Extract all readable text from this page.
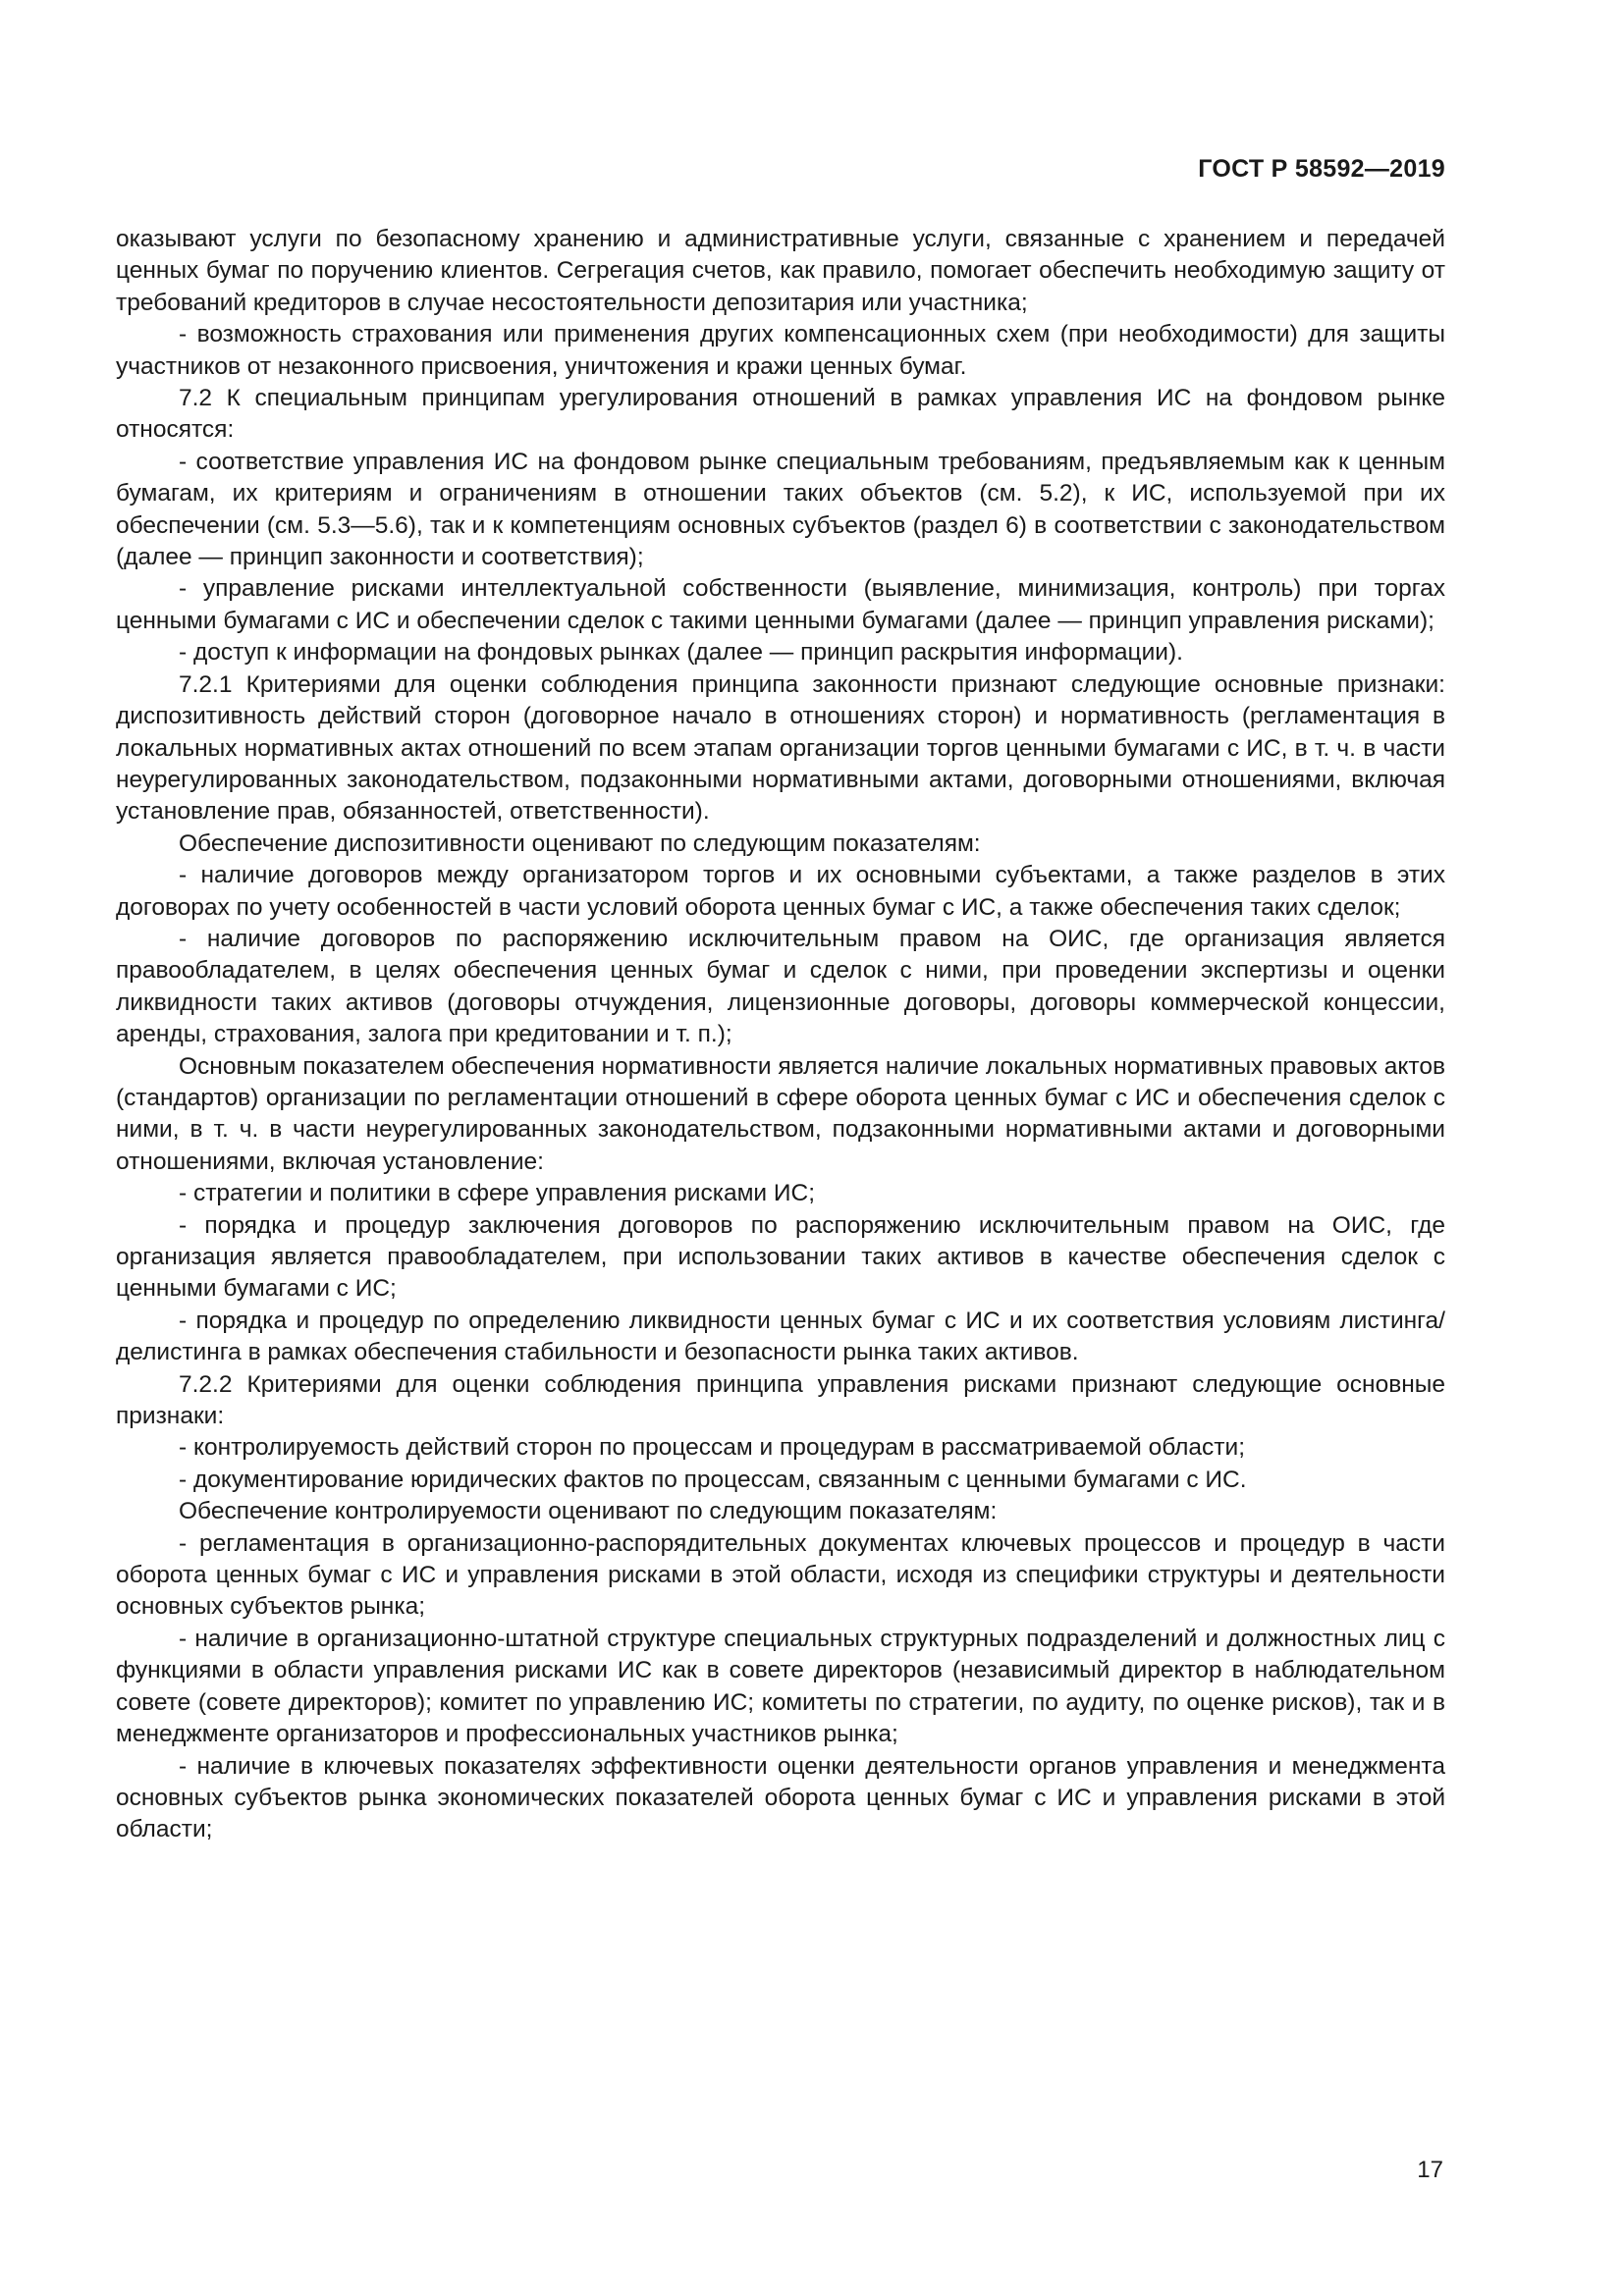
ГОСТ Р 58592—2019

оказывают услуги по безопасному хранению и административные услуги, связанные с хранением и передачей ценных бумаг по поручению клиентов. Сегрегация счетов, как правило, помогает обеспечить необходимую защиту от требований кредиторов в случае несостоятельности депозитария или участника;

- возможность страхования или применения других компенсационных схем (при необходимости) для защиты участников от незаконного присвоения, уничтожения и кражи ценных бумаг.

7.2 К специальным принципам урегулирования отношений в рамках управления ИС на фондовом рынке относятся:

- соответствие управления ИС на фондовом рынке специальным требованиям, предъявляемым как к ценным бумагам, их критериям и ограничениям в отношении таких объектов (см. 5.2), к ИС, используемой при их обеспечении (см. 5.3—5.6), так и к компетенциям основных субъектов (раздел 6) в соответствии с законодательством (далее — принцип законности и соответствия);

- управление рисками интеллектуальной собственности (выявление, минимизация, контроль) при торгах ценными бумагами с ИС и обеспечении сделок с такими ценными бумагами (далее — принцип управления рисками);

- доступ к информации на фондовых рынках (далее — принцип раскрытия информации).

7.2.1 Критериями для оценки соблюдения принципа законности признают следующие основные признаки: диспозитивность действий сторон (договорное начало в отношениях сторон) и нормативность (регламентация в локальных нормативных актах отношений по всем этапам организации торгов ценными бумагами с ИС, в т. ч. в части неурегулированных законодательством, подзаконными нормативными актами, договорными отношениями, включая установление прав, обязанностей, ответственности).

Обеспечение диспозитивности оценивают по следующим показателям:

- наличие договоров между организатором торгов и их основными субъектами, а также разделов в этих договорах по учету особенностей в части условий оборота ценных бумаг с ИС, а также обеспечения таких сделок;

- наличие договоров по распоряжению исключительным правом на ОИС, где организация является правообладателем, в целях обеспечения ценных бумаг и сделок с ними, при проведении экспертизы и оценки ликвидности таких активов (договоры отчуждения, лицензионные договоры, договоры коммерческой концессии, аренды, страхования, залога при кредитовании и т. п.);

Основным показателем обеспечения нормативности является наличие локальных нормативных правовых актов (стандартов) организации по регламентации отношений в сфере оборота ценных бумаг с ИС и обеспечения сделок с ними, в т. ч. в части неурегулированных законодательством, подзаконными нормативными актами и договорными отношениями, включая установление:

- стратегии и политики в сфере управления рисками ИС;

- порядка и процедур заключения договоров по распоряжению исключительным правом на ОИС, где организация является правообладателем, при использовании таких активов в качестве обеспечения сделок с ценными бумагами с ИС;

- порядка и процедур по определению ликвидности ценных бумаг с ИС и их соответствия условиям листинга/делистинга в рамках обеспечения стабильности и безопасности рынка таких активов.

7.2.2 Критериями для оценки соблюдения принципа управления рисками признают следующие основные признаки:

- контролируемость действий сторон по процессам и процедурам в рассматриваемой области;

- документирование юридических фактов по процессам, связанным с ценными бумагами с ИС.

Обеспечение контролируемости оценивают по следующим показателям:

- регламентация в организационно-распорядительных документах ключевых процессов и процедур в части оборота ценных бумаг с ИС и управления рисками в этой области, исходя из специфики структуры и деятельности основных субъектов рынка;

- наличие в организационно-штатной структуре специальных структурных подразделений и должностных лиц с функциями в области управления рисками ИС как в совете директоров (независимый директор в наблюдательном совете (совете директоров); комитет по управлению ИС; комитеты по стратегии, по аудиту, по оценке рисков), так и в менеджменте организаторов и профессиональных участников рынка;

- наличие в ключевых показателях эффективности оценки деятельности органов управления и менеджмента основных субъектов рынка экономических показателей оборота ценных бумаг с ИС и управления рисками в этой области;

17
